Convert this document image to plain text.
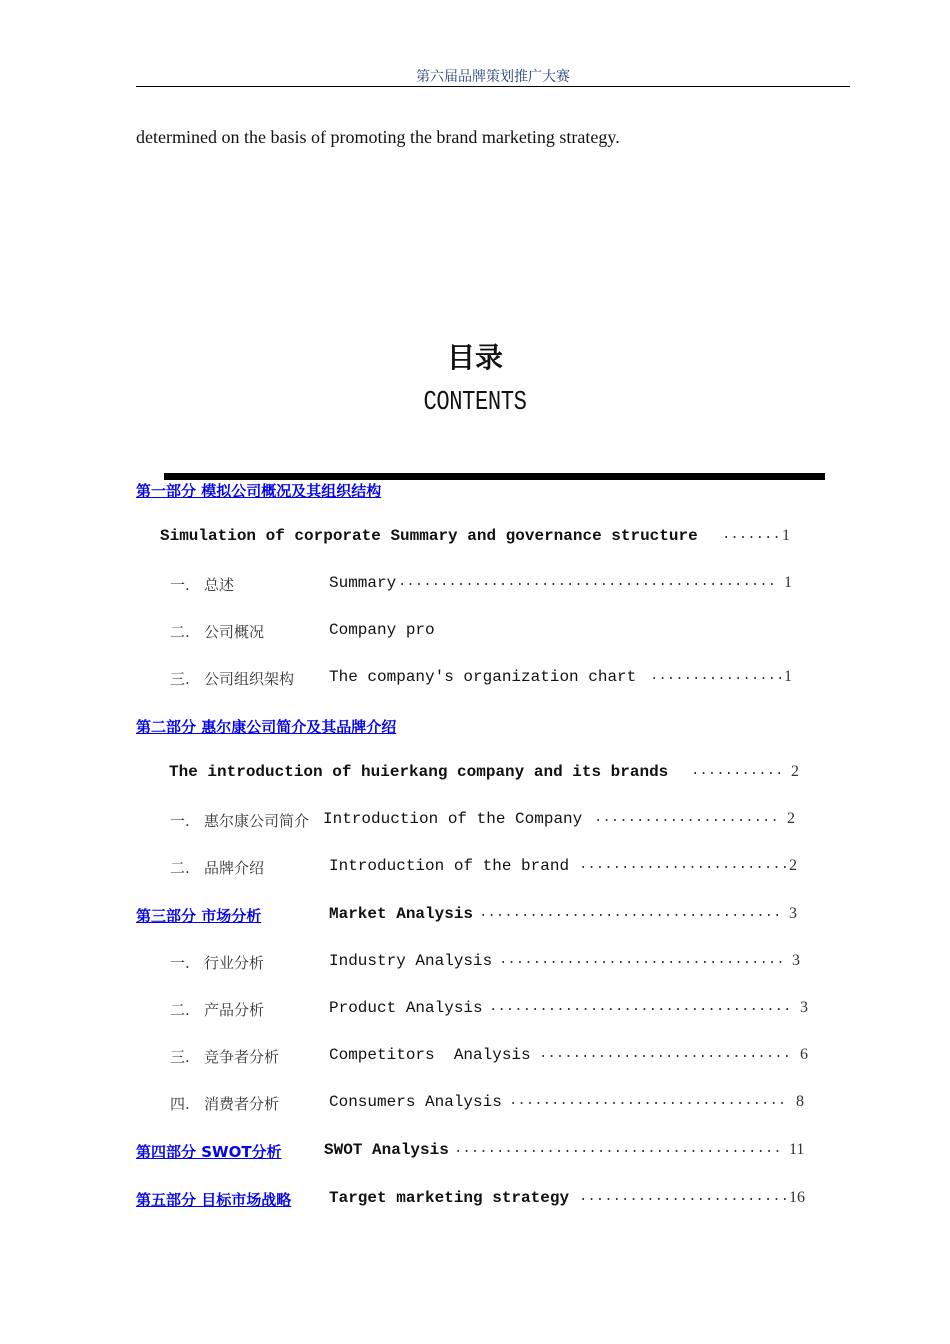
第六届品牌策划推广大赛
determined on the basis of promoting the brand marketing strategy.
目录
CONTENTS
第一部分 模拟公司概况及其组织结构
Simulation of corporate Summary and governance structure ....... 1
一. 总述	Summary ............................................. 1
二. 公司概况	Company pro
三. 公司组织架构 The company's organization chart ................ 1
第二部分 惠尔康公司简介及其品牌介绍
The introduction of huierkang company and its brands ........... 2
一. 惠尔康公司简介 Introduction of the Company ...................... 2
二. 品牌介绍	Introduction of the brand ......................... 2
第三部分 市场分析	Market Analysis .................................... 3
一. 行业分析	Industry Analysis .................................. 3
二. 产品分析	Product Analysis .................................... 3
三. 竞争者分析	Competitors  Analysis .............................. 6
四. 消费者分析	Consumers Analysis ................................. 8
第四部分 SWOT分析	SWOT Analysis ....................................... 11
第五部分 目标市场战略 Target marketing strategy ......................... 16
